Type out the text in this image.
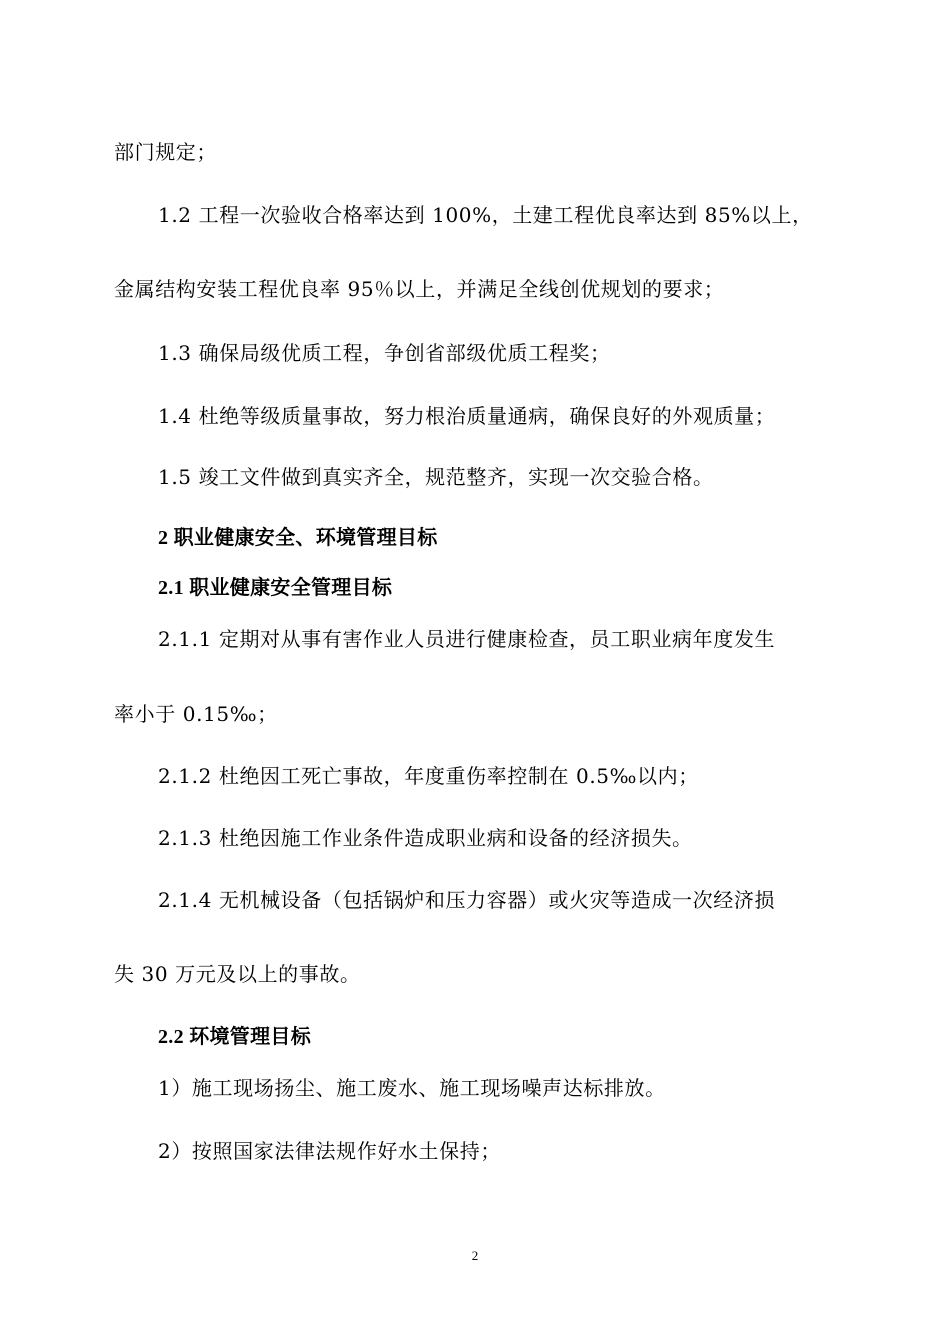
部门规定；
1.2 工程一次验收合格率达到 100%，土建工程优良率达到 85%以上，
金属结构安装工程优良率 95％以上，并满足全线创优规划的要求；
1.3 确保局级优质工程，争创省部级优质工程奖；
1.4 杜绝等级质量事故，努力根治质量通病，确保良好的外观质量；
1.5 竣工文件做到真实齐全，规范整齐，实现一次交验合格。
2 职业健康安全、环境管理目标
2.1 职业健康安全管理目标
2.1.1 定期对从事有害作业人员进行健康检查，员工职业病年度发生
率小于 0.15‰；
2.1.2 杜绝因工死亡事故，年度重伤率控制在 0.5‰以内；
2.1.3 杜绝因施工作业条件造成职业病和设备的经济损失。
2.1.4 无机械设备（包括锅炉和压力容器）或火灾等造成一次经济损
失 30 万元及以上的事故。
2.2 环境管理目标
1）施工现场扬尘、施工废水、施工现场噪声达标排放。
2）按照国家法律法规作好水土保持；
2
